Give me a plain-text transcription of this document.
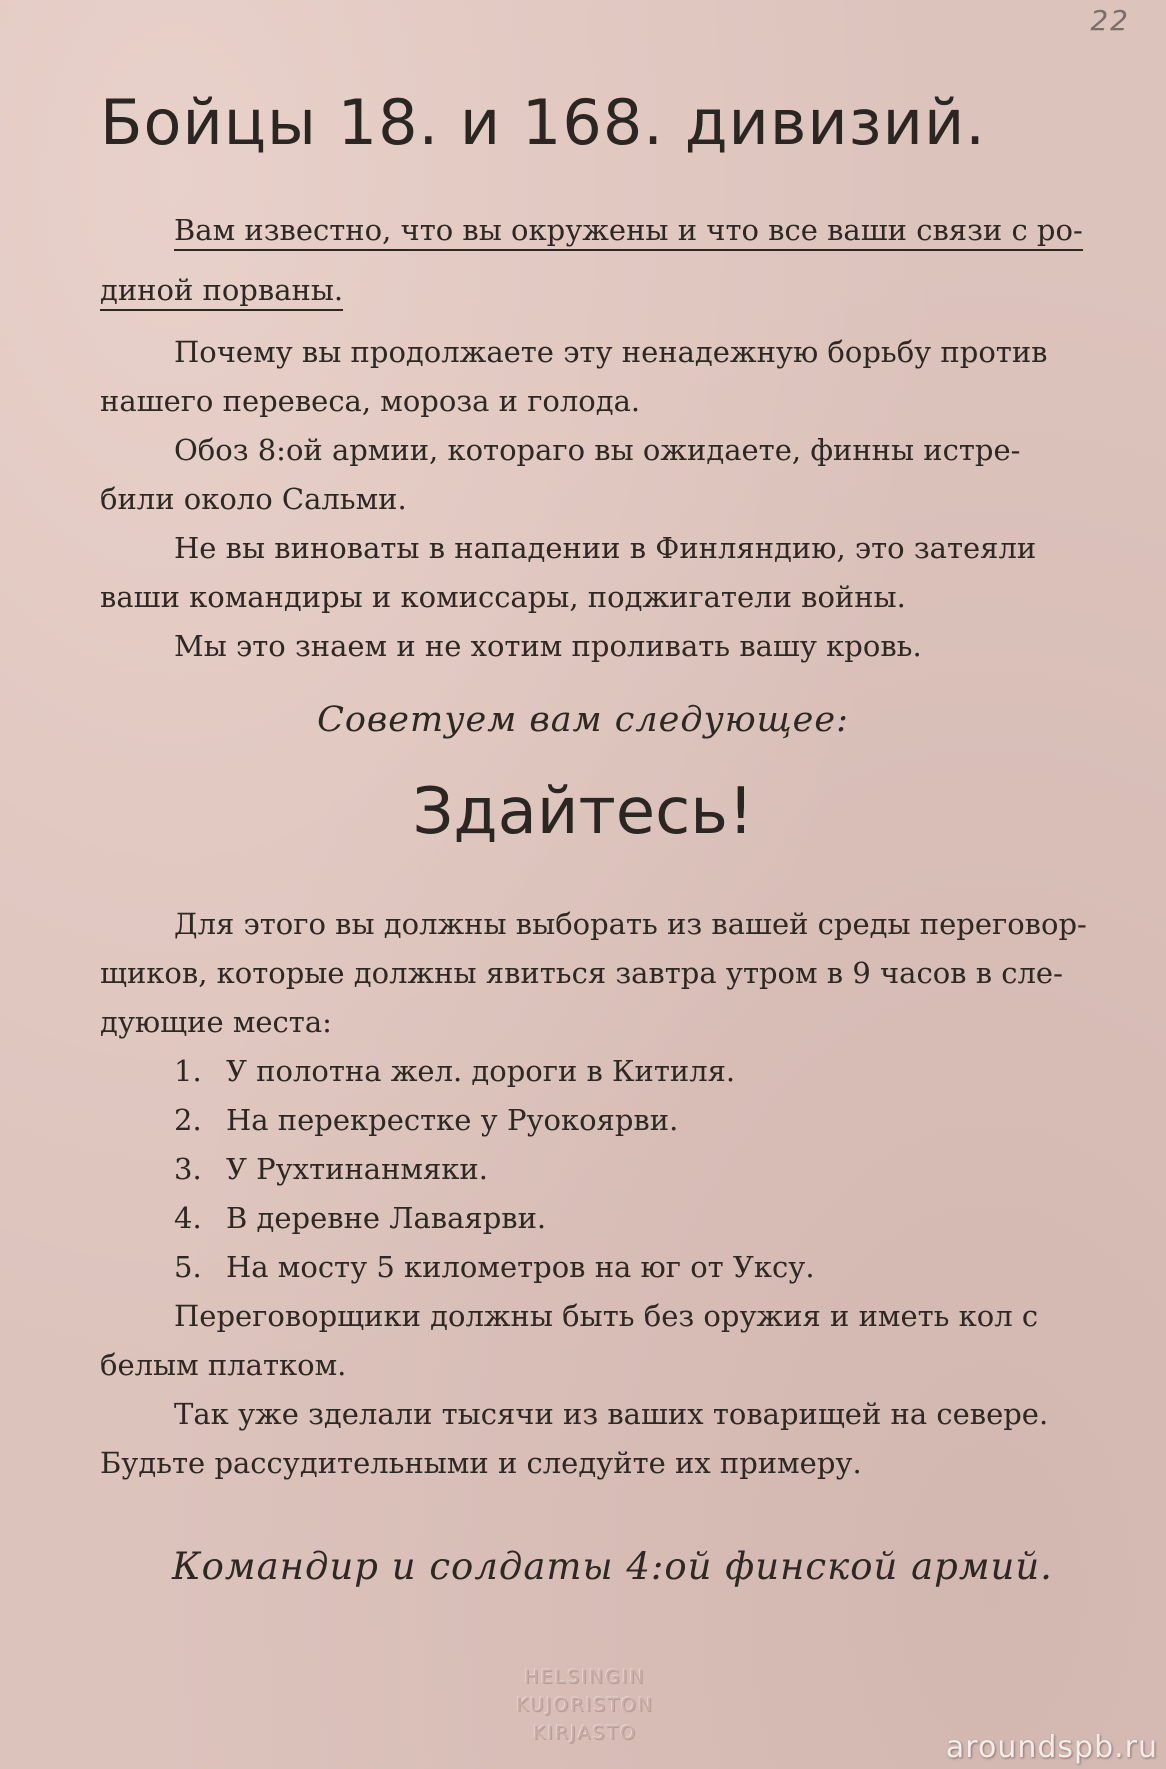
22
Бойцы 18. и 168. дивизий.
Вам известно, что вы окружены и что все ваши связи с ро-
диной порваны.
Почему вы продолжаете эту ненадежную борьбу против
нашего перевеса, мороза и голода.
Обоз 8:ой армии, котораго вы ожидаете, финны истре-
били около Сальми.
Не вы виноваты в нападении в Финляндию, это затеяли
ваши командиры и комиссары, поджигатели войны.
Мы это знаем и не хотим проливать вашу кровь.
Советуем вам следующее:
Здайтесь!
Для этого вы должны выборать из вашей среды переговор-
щиков, которые должны явиться завтра утром в 9 часов в сле-
дующие места:
1. У полотна жел. дороги в Китиля.
2. На перекрестке у Руокоярви.
3. У Рухтинанмяки.
4. В деревне Лаваярви.
5. На мосту 5 километров на юг от Уксу.
Переговорщики должны быть без оружия и иметь кол с
белым платком.
Так уже зделали тысячи из ваших товарищей на севере.
Будьте рассудительными и следуйте их примеру.
Командир и солдаты 4:ой финской армий.
HELSINGIN
KUJORISTON
KIRJASTO	aroundspb.ru
